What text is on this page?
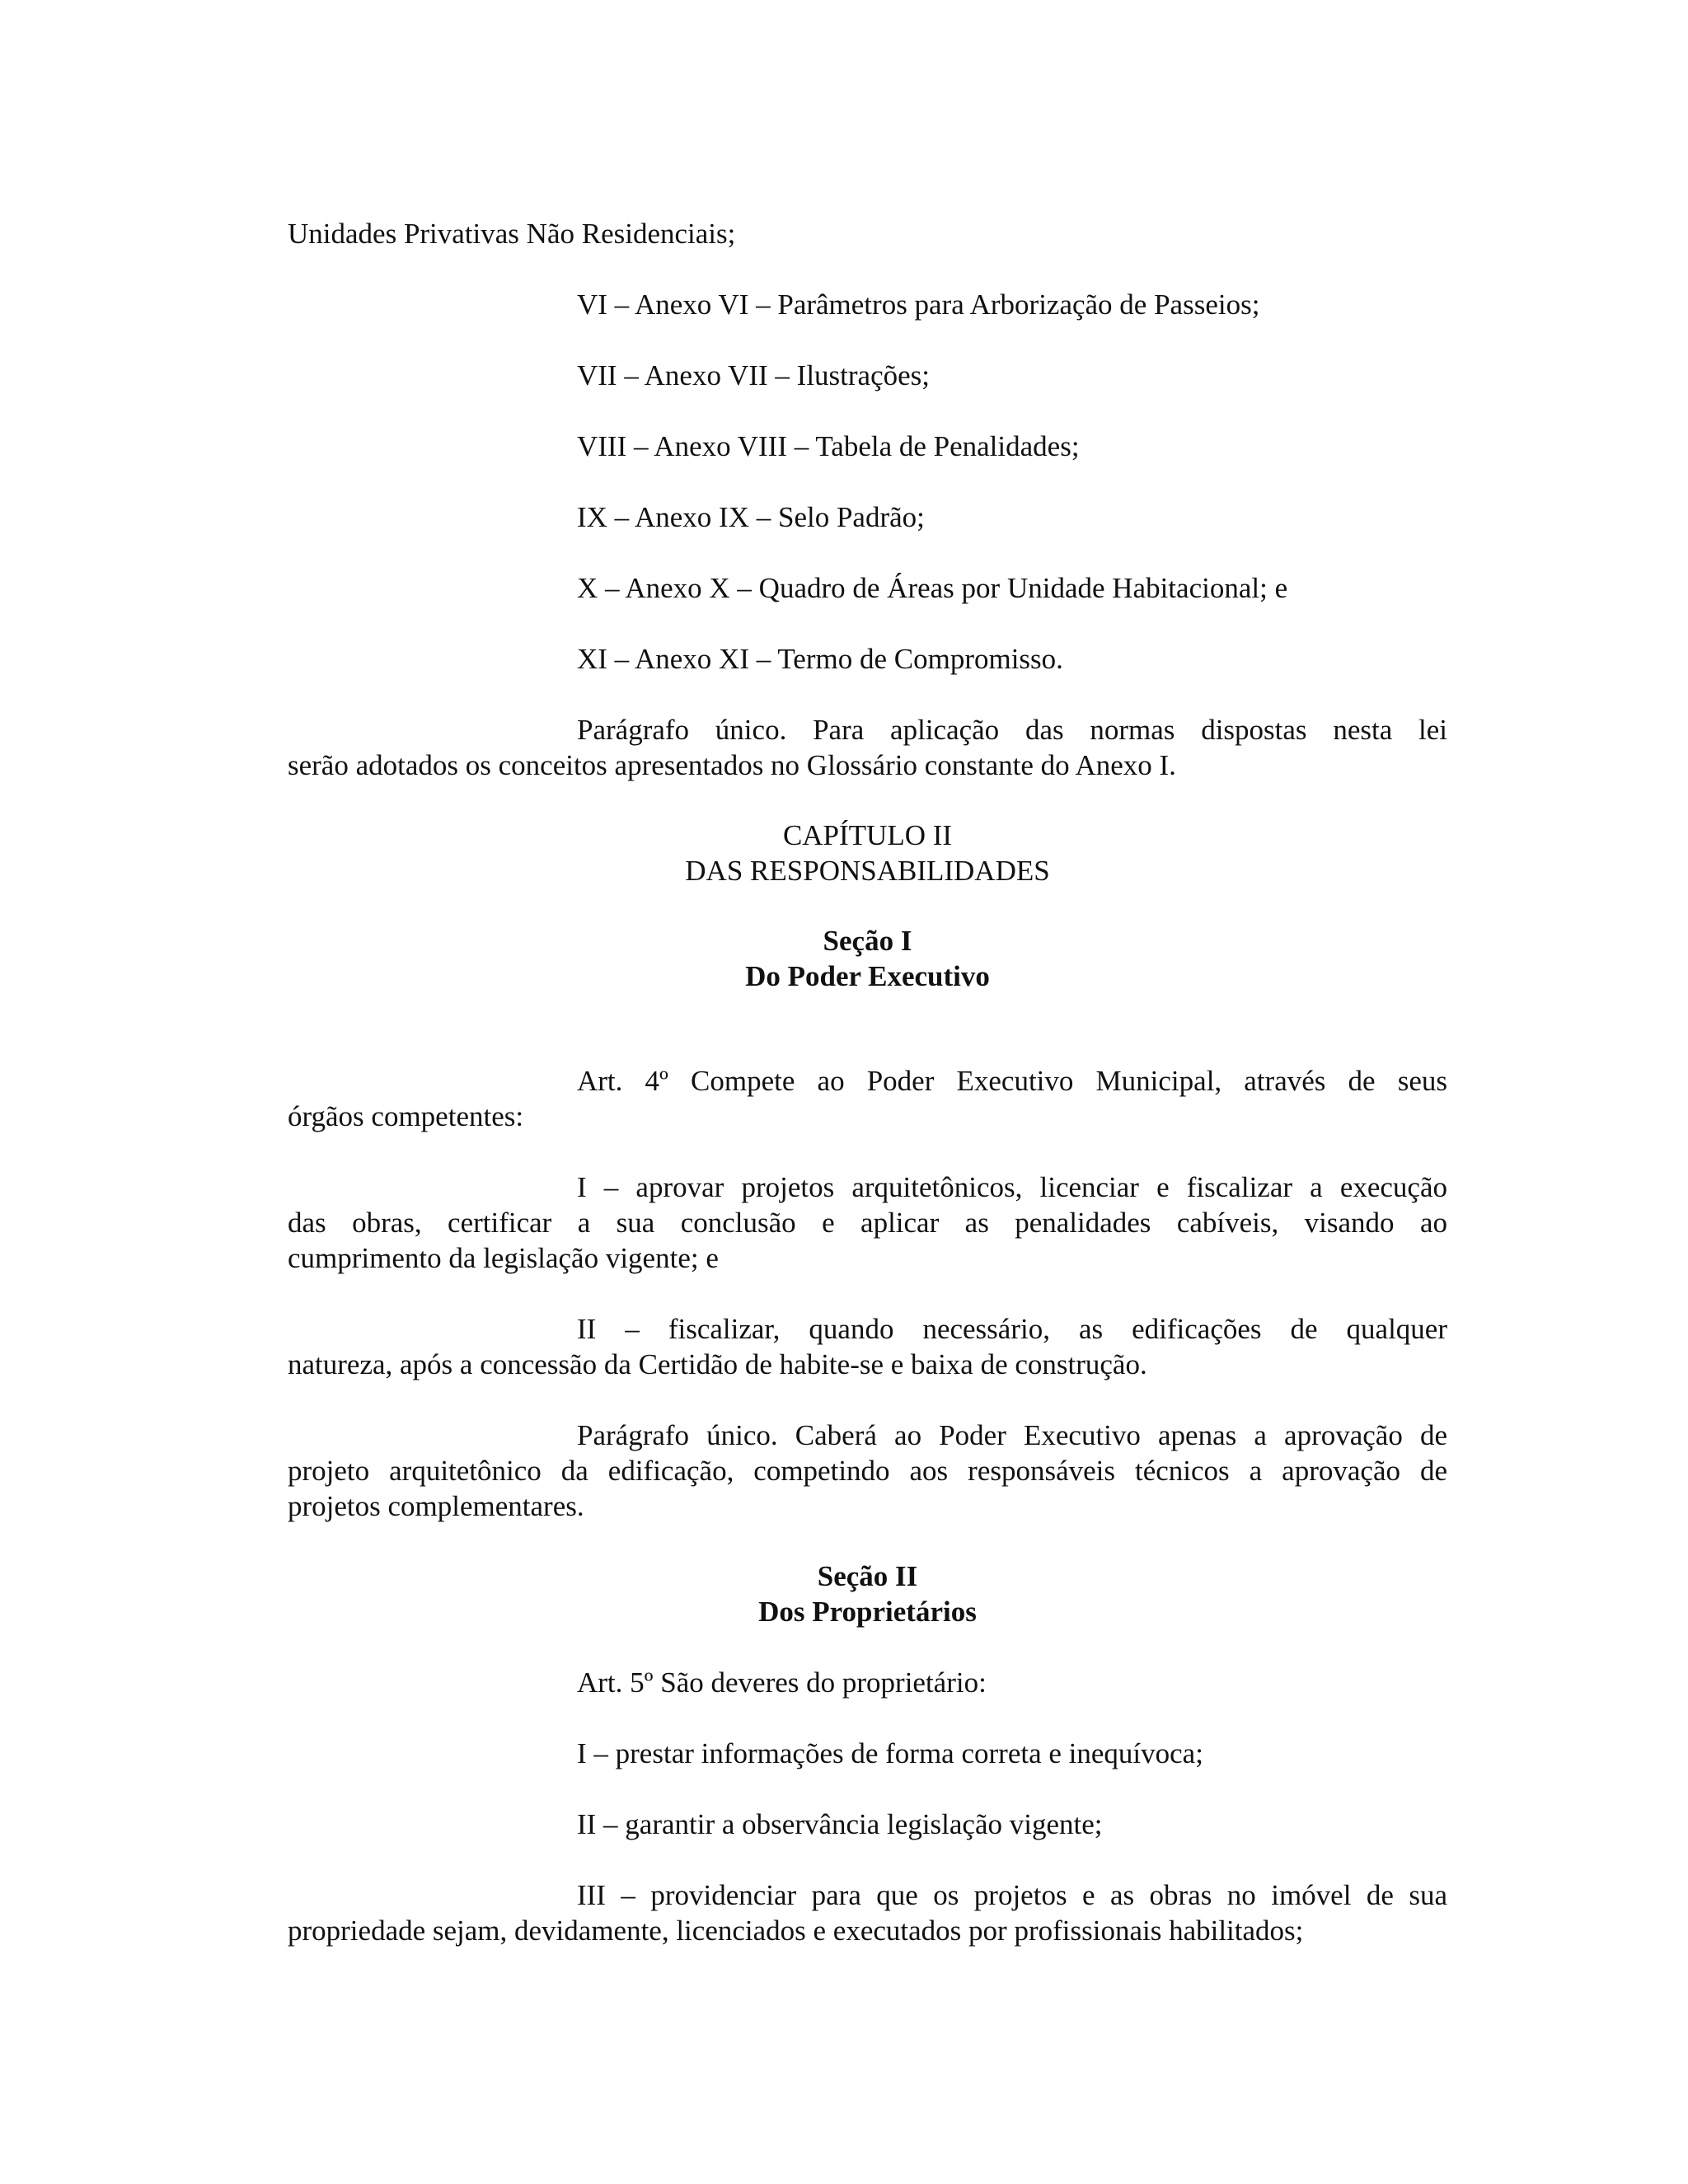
Unidades Privativas Não Residenciais;
VI – Anexo VI – Parâmetros para Arborização de Passeios;
VII – Anexo VII – Ilustrações;
VIII – Anexo VIII – Tabela de Penalidades;
IX – Anexo IX – Selo Padrão;
X – Anexo X – Quadro de Áreas por Unidade Habitacional; e
XI – Anexo XI – Termo de Compromisso.
Parágrafo único. Para aplicação das normas dispostas nesta lei
serão adotados os conceitos apresentados no Glossário constante do Anexo I.
CAPÍTULO II
DAS RESPONSABILIDADES
Seção I
Do Poder Executivo
Art. 4º Compete ao Poder Executivo Municipal, através de seus
órgãos competentes:
I – aprovar projetos arquitetônicos, licenciar e fiscalizar a execução
das obras, certificar a sua conclusão e aplicar as penalidades cabíveis, visando ao
cumprimento da legislação vigente; e
II – fiscalizar, quando necessário, as edificações de qualquer
natureza, após a concessão da Certidão de habite-se e baixa de construção.
Parágrafo único. Caberá ao Poder Executivo apenas a aprovação de
projeto arquitetônico da edificação, competindo aos responsáveis técnicos a aprovação de
projetos complementares.
Seção II
Dos Proprietários
Art. 5º São deveres do proprietário:
I – prestar informações de forma correta e inequívoca;
II – garantir a observância legislação vigente;
III – providenciar para que os projetos e as obras no imóvel de sua
propriedade sejam, devidamente, licenciados e executados por profissionais habilitados;
